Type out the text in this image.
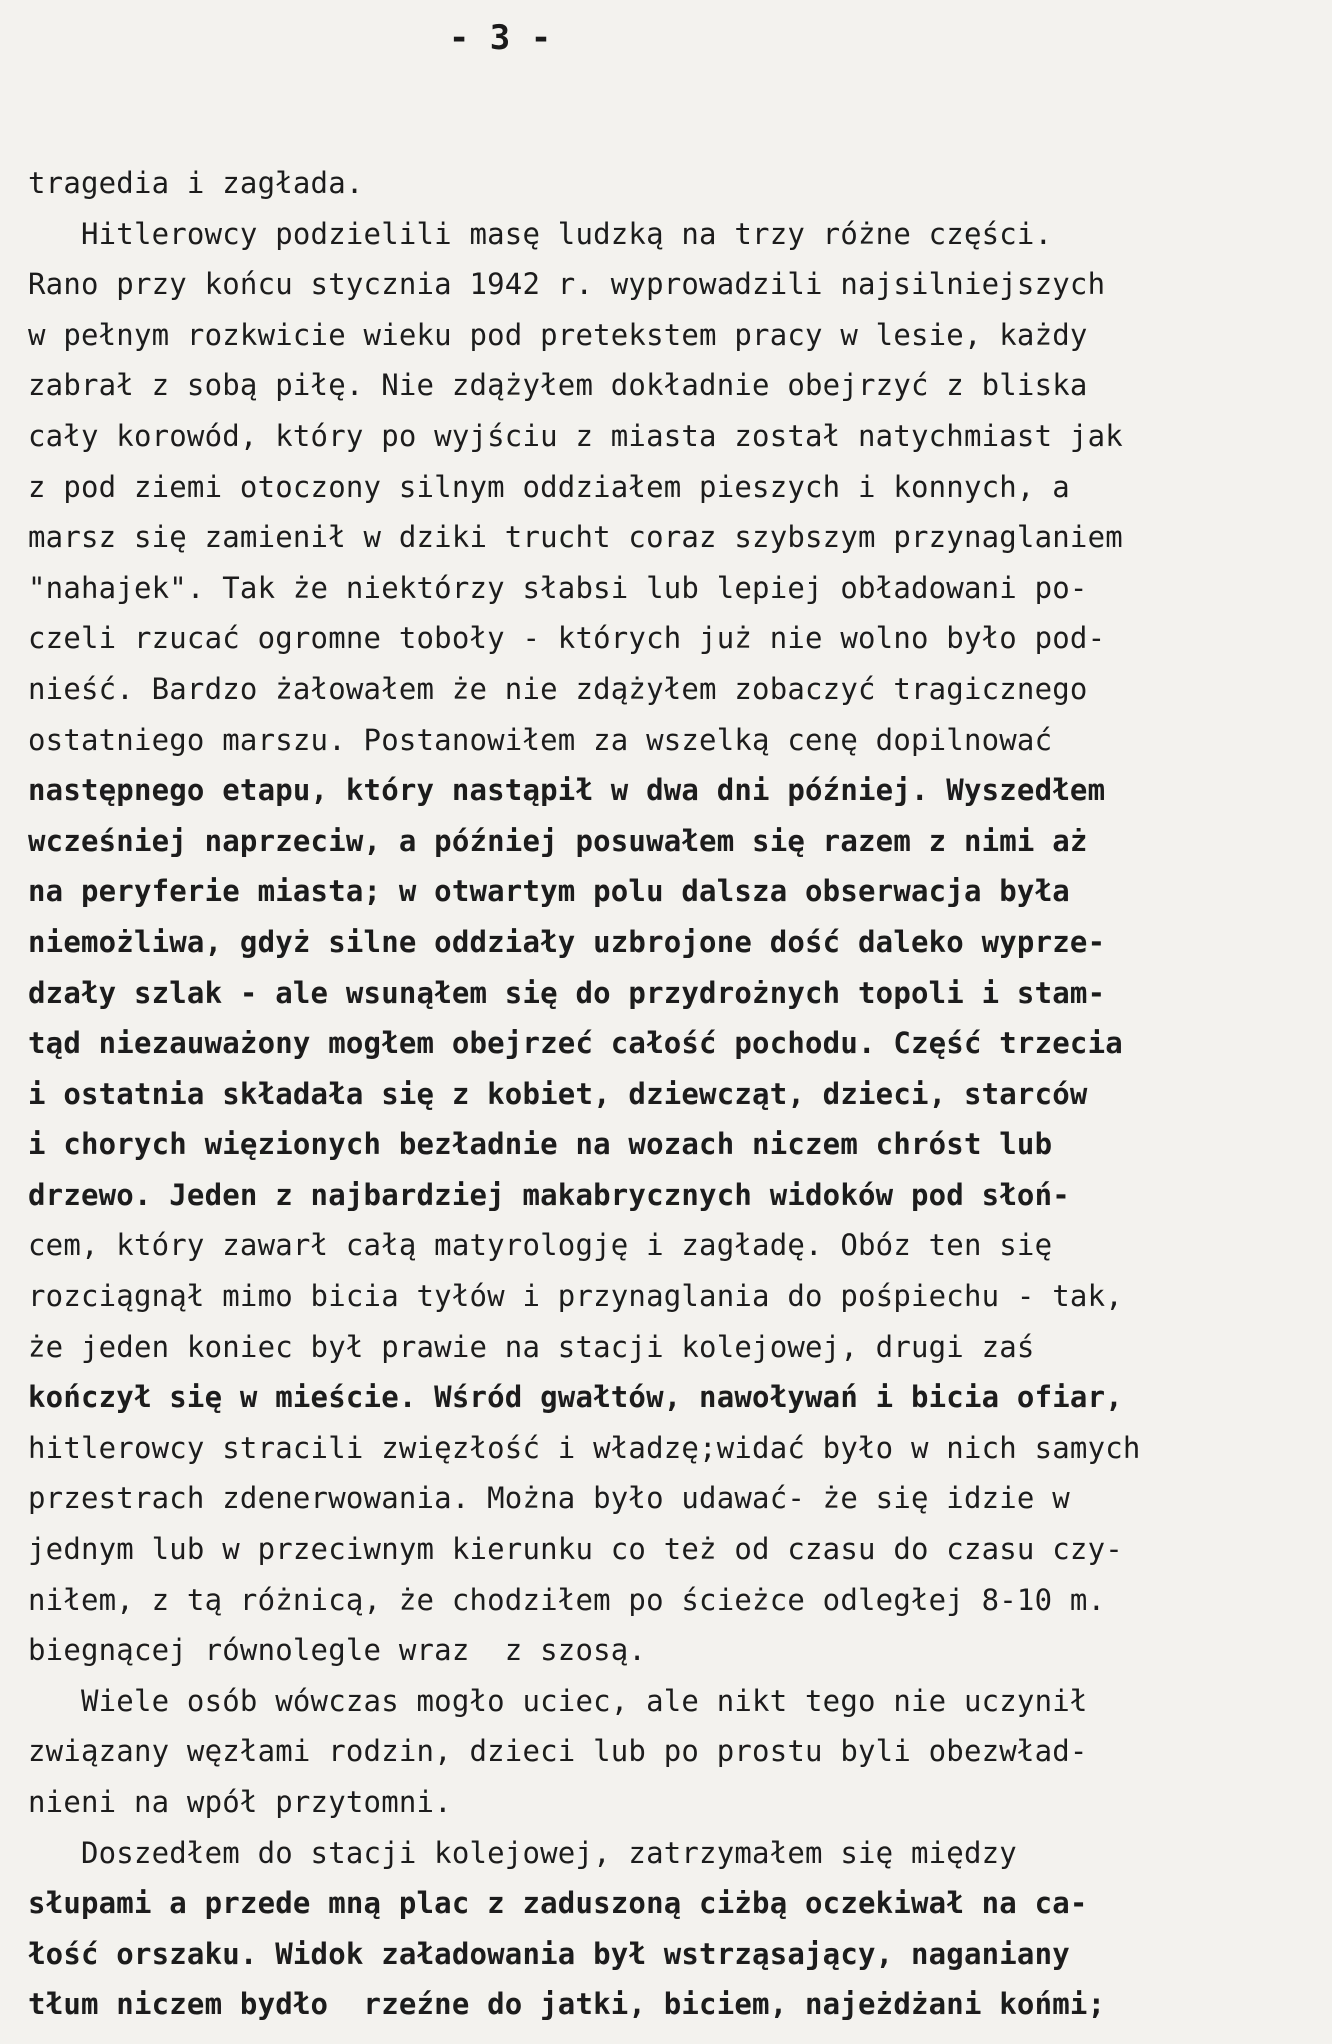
- 3 -
tragedia i zagłada.
Hitlerowcy podzielili masę ludzką na trzy różne części.
Rano przy końcu stycznia 1942 r. wyprowadzili najsilniejszych
w pełnym rozkwicie wieku pod pretekstem pracy w lesie, każdy
zabrał z sobą piłę. Nie zdążyłem dokładnie obejrzyć z bliska
cały korowód, który po wyjściu z miasta został natychmiast jak
z pod ziemi otoczony silnym oddziałem pieszych i konnych, a
marsz się zamienił w dziki trucht coraz szybszym przynaglaniem
"nahajek". Tak że niektórzy słabsi lub lepiej obładowani po-
czeli rzucać ogromne tobołу - których już nie wolno było pod-
nieść. Bardzo żałowałem że nie zdążyłem zobaczyć tragicznego
ostatniego marszu. Postanowiłem za wszelką cenę dopilnować
następnego etapu, który nastąpił w dwa dni później. Wyszedłem
wcześniej naprzeciw, a później posuwałem się razem z nimi aż
na peryferie miasta; w otwartym polu dalsza obserwacja była
niemożliwa, gdyż silne oddziały uzbrojone dość daleko wyprze-
dzały szlak - ale wsunąłem się do przydrożnych topoli i stam-
tąd niezauważony mogłem obejrzeć całość pochodu. Część trzecia
i ostatnia składała się z kobiet, dziewcząt, dzieci, starców
i chorych więzionych bezładnie na wozach niczem chróst lub
drzewo. Jeden z najbardziej makabrycznych widoków pod słoń-
cem, który zawarł całą matyrologję i zagładę. Obóz ten się
rozciągnął mimo bicia tyłów i przynaglania do pośpiechu - tak,
że jeden koniec był prawie na stacji kolejowej, drugi zaś
kończył się w mieście. Wśród gwałtów, nawoływań i bicia ofiar,
hitlerowcy stracili zwięzłość i władzę;widać było w nich samych
przestrach zdenerwowania. Można było udawać- że się idzie w
jednym lub w przeciwnym kierunku co też od czasu do czasu czy-
niłem, z tą różnicą, że chodziłem po ścieżce odległej 8-10 m.
biegnącej równolegle wraz  z szosą.
Wiele osób wówczas mogło uciec, ale nikt tego nie uczynił
związany węzłami rodzin, dzieci lub po prostu byli obezwład-
nieni na wpół przytomni.
Doszedłem do stacji kolejowej, zatrzymałem się między
słupami a przede mną plac z zaduszoną ciżbą oczekiwał na ca-
łość orszaku. Widok załadowania był wstrząsający, naganiany
tłum niczem bydło  rzeźne do jatki, biciem, najeżdżani końmi;
